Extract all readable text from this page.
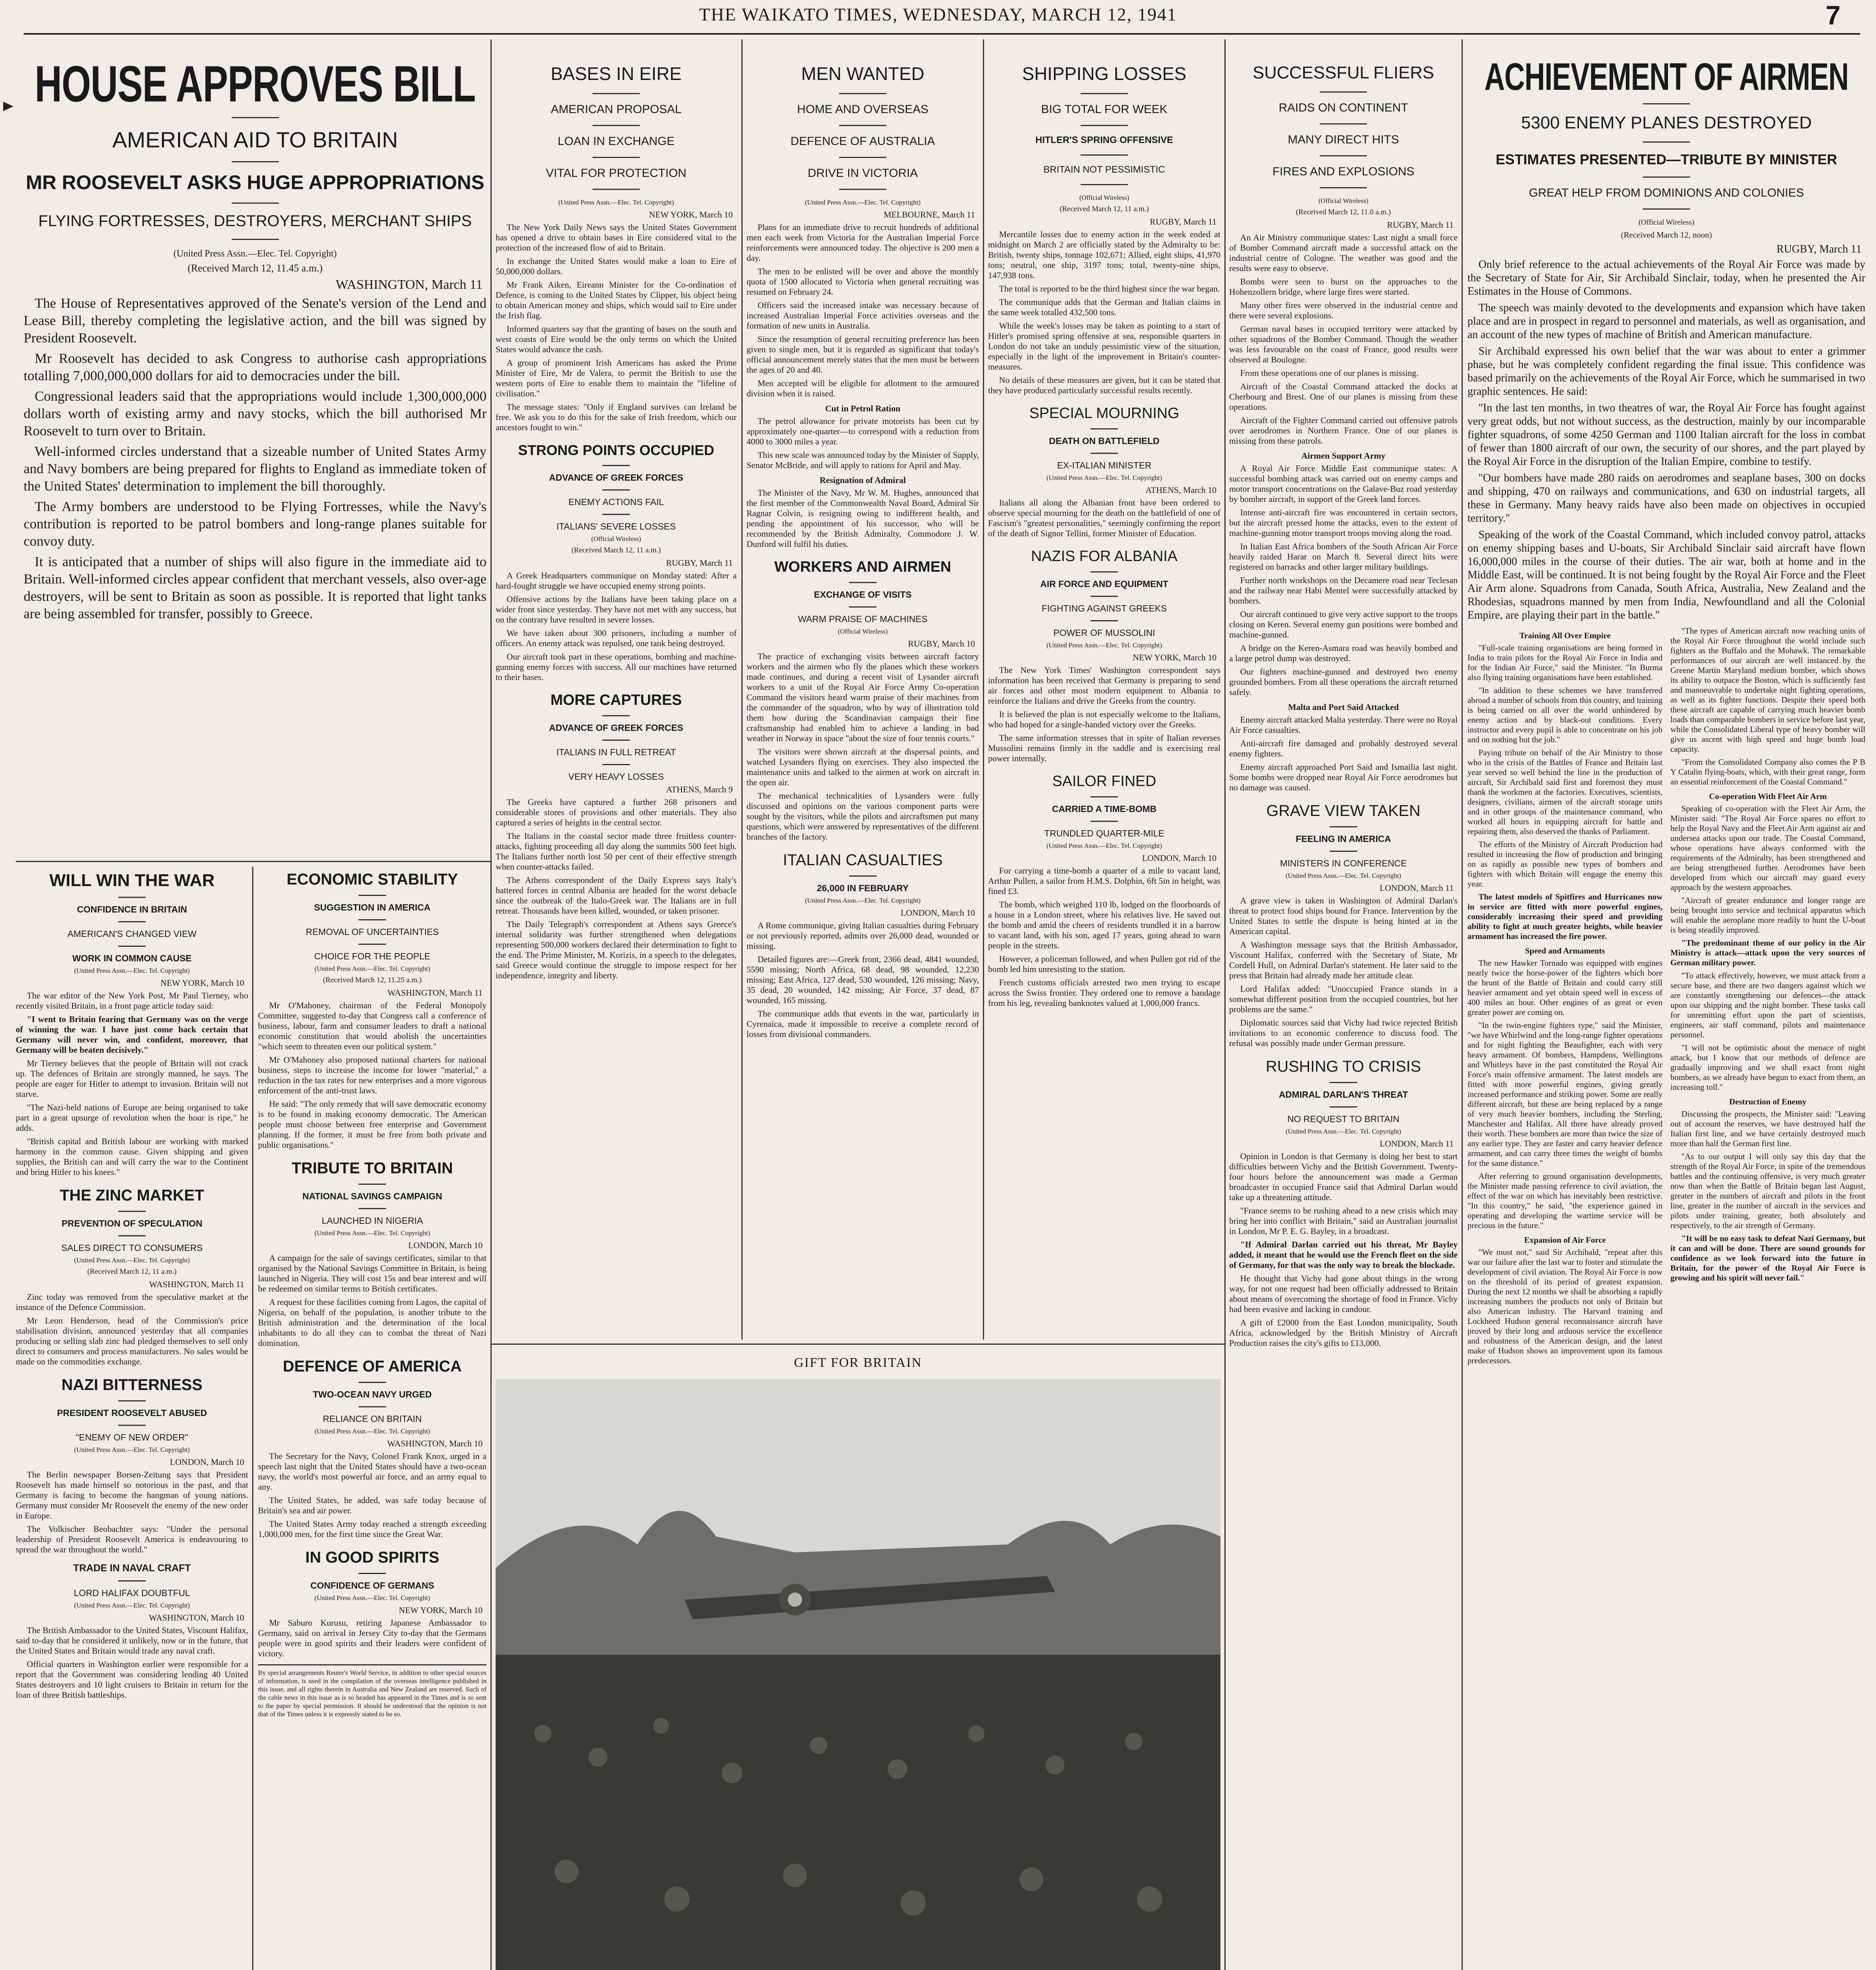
THE WAIKATO TIMES, WEDNESDAY, MARCH 12, 1941	7
HOUSE APPROVES BILL
AMERICAN AID TO BRITAIN
MR ROOSEVELT ASKS HUGE APPROPRIATIONS
FLYING FORTRESSES, DESTROYERS, MERCHANT SHIPS
(United Press Assn.—Elec. Tel. Copyright)
(Received March 12, 11.45 a.m.)
WASHINGTON, March 11

The House of Representatives approved of the Senate's version of the Lend and Lease Bill, thereby completing the legislative action, and the bill was signed by President Roosevelt.

Mr Roosevelt has decided to ask Congress to authorise cash appropriations totalling 7,000,000,000 dollars for aid to democracies under the bill.

Congressional leaders said that the appropriations would include 1,300,000,000 dollars worth of existing army and navy stocks, which the bill authorised Mr Roosevelt to turn over to Britain.

Well-informed circles understand that a sizeable number of United States Army and Navy bombers are being prepared for flights to England as immediate token of the United States' determination to implement the bill thoroughly.

The Army bombers are understood to be Flying Fortresses, while the Navy's contribution is reported to be patrol bombers and long-range planes suitable for convoy duty.

It is anticipated that a number of ships will also figure in the immediate aid to Britain. Well-informed circles appear confident that merchant vessels, also over-age destroyers, will be sent to Britain as soon as possible. It is reported that light tanks are being assembled for transfer, possibly to Greece.

WILL WIN THE WAR
CONFIDENCE IN BRITAIN
AMERICAN'S CHANGED VIEW
WORK IN COMMON CAUSE
(United Press Assn.—Elec. Tel. Copyright)
NEW YORK, March 10

The war editor of the New York Post, Mr Paul Tierney, who recently visited Britain, in a front page article today said:

"I went to Britain fearing that Germany was on the verge of winning the war. I have just come back certain that Germany will never win, and confident, moreover, that Germany will be beaten decisively."

Mr Tierney believes that the people of Britain will not crack up. The defences of Britain are strongly manned, he says. The people are eager for Hitler to attempt to invasion. Britain will not starve.

"The Nazi-held nations of Europe are being organised to take part in a great upsurge of revolution when the hour is ripe," he adds.

"British capital and British labour are working with marked harmony in the common cause. Given shipping and given supplies, the British can and will carry the war to the Continent and bring Hitler to his knees."

THE ZINC MARKET
PREVENTION OF SPECULATION
SALES DIRECT TO CONSUMERS
(United Press Assn.—Elec. Tel. Copyright)
(Received March 12, 11 a.m.)
WASHINGTON, March 11

Zinc today was removed from the speculative market at the instance of the Defence Commission.

Mr Leon Henderson, head of the Commission's price stabilisation division, announced yesterday that all companies producing or selling slab zinc had pledged themselves to sell only direct to consumers and process manufacturers. No sales would be made on the commodities exchange.

NAZI BITTERNESS
PRESIDENT ROOSEVELT ABUSED
"ENEMY OF NEW ORDER"
(United Press Assn.—Elec. Tel. Copyright)
LONDON, March 10

The Berlin newspaper Borsen-Zeitung says that President Roosevelt has made himself so notorious in the past, and that Germany is facing to become the hangman of young nations. Germany must consider Mr Roosevelt the enemy of the new order in Europe.

The Volkischer Beobachter says: "Under the personal leadership of President Roosevelt America is endeavouring to spread the war throughout the world."

TRADE IN NAVAL CRAFT
LORD HALIFAX DOUBTFUL
(United Press Assn.—Elec. Tel. Copyright)
WASHINGTON, March 10

The British Ambassador to the United States, Viscount Halifax, said to-day that he considered it unlikely, now or in the future, that the United States and Britain would trade any naval craft.

Official quarters in Washington earlier were responsible for a report that the Government was considering lending 40 United States destroyers and 10 light cruisers to Britain in return for the loan of three British battleships.

ECONOMIC STABILITY
SUGGESTION IN AMERICA
REMOVAL OF UNCERTAINTIES
CHOICE FOR THE PEOPLE
(United Press Assn.—Elec. Tel. Copyright)
(Received March 12, 11.25 a.m.)
WASHINGTON, March 11

Mr O'Mahoney, chairman of the Federal Monopoly Committee, suggested to-day that Congress call a conference of business, labour, farm and consumer leaders to draft a national economic constitution that would abolish the uncertainties "which seem to threaten even our political system."

Mr O'Mahoney also proposed national charters for national business, steps to increase the income for lower "material," a reduction in the tax rates for new enterprises and a more vigorous enforcement of the anti-trust laws.

He said: "The only remedy that will save democratic economy is to be found in making economy democratic. The American people must choose between free enterprise and Government planning. If the former, it must be free from both private and public organisations."

TRIBUTE TO BRITAIN
NATIONAL SAVINGS CAMPAIGN
LAUNCHED IN NIGERIA
(United Press Assn.—Elec. Tel. Copyright)
LONDON, March 10

A campaign for the sale of savings certificates, similar to that organised by the National Savings Committee in Britain, is being launched in Nigeria. They will cost 15s and bear interest and will be redeemed on similar terms to British certificates.

A request for these facilities coming from Lagos, the capital of Nigeria, on behalf of the population, is another tribute to the British administration and the determination of the local inhabitants to do all they can to combat the threat of Nazi domination.

DEFENCE OF AMERICA
TWO-OCEAN NAVY URGED
RELIANCE ON BRITAIN
(United Press Assn.—Elec. Tel. Copyright)
WASHINGTON, March 10

The Secretary for the Navy, Colonel Frank Knox, urged in a speech last night that the United States should have a two-ocean navy, the world's most powerful air force, and an army equal to any.

The United States, he added, was safe today because of Britain's sea and air power.

The United States Army today reached a strength exceeding 1,000,000 men, for the first time since the Great War.

IN GOOD SPIRITS
CONFIDENCE OF GERMANS
(United Press Assn.—Elec. Tel. Copyright)
NEW YORK, March 10

Mr Saburo Kurusu, retiring Japanese Ambassador to Germany, said on arrival in Jersey City to-day that the Germans people were in good spirits and their leaders were confident of victory.

By special arrangements Reuter's World Service, in addition to other special sources of information, is used in the compilation of the overseas intelligence published in this issue, and all rights therein in Australia and New Zealand are reserved. Such of the cable news in this issue as is so headed has appeared in the Times and is so sent to the paper by special permission. It should be understood that the opinion is not that of the Times unless it is expressly stated to be so.
BASES IN EIRE
AMERICAN PROPOSAL
LOAN IN EXCHANGE
VITAL FOR PROTECTION
(United Press Assn.—Elec. Tel. Copyright)
NEW YORK, March 10

The New York Daily News says the United States Government has opened a drive to obtain bases in Eire considered vital to the protection of the increased flow of aid to Britain.

In exchange the United States would make a loan to Eire of 50,000,000 dollars.

Mr Frank Aiken, Eireann Minister for the Co-ordination of Defence, is coming to the United States by Clipper, his object being to obtain American money and ships, which would sail to Eire under the Irish flag.

Informed quarters say that the granting of bases on the south and west coasts of Eire would be the only terms on which the United States would advance the cash.

A group of prominent Irish Americans has asked the Prime Minister of Eire, Mr de Valera, to permit the British to use the western ports of Eire to enable them to maintain the "lifeline of civilisation."

The message states: "Only if England survives can Ireland be free. We ask you to do this for the sake of Irish freedom, which our ancestors fought to win."

STRONG POINTS OCCUPIED
ADVANCE OF GREEK FORCES
ENEMY ACTIONS FAIL
ITALIANS' SEVERE LOSSES
(Official Wireless)
(Received March 12, 11 a.m.)
RUGBY, March 11

A Greek Headquarters communique on Monday stated: After a hard-fought struggle we have occupied enemy strong points.

Offensive actions by the Italians have been taking place on a wider front since yesterday. They have not met with any success, but on the contrary have resulted in severe losses.

We have taken about 300 prisoners, including a number of officers. An enemy attack was repulsed, one tank being destroyed.

Our aircraft took part in these operations, bombing and machine-gunning enemy forces with success. All our machines have returned to their bases.

MORE CAPTURES
ADVANCE OF GREEK FORCES
ITALIANS IN FULL RETREAT
VERY HEAVY LOSSES
ATHENS, March 9

The Greeks have captured a further 268 prisoners and considerable stores of provisions and other materials. They also captured a series of heights in the central sector.

The Italians in the coastal sector made three fruitless counter-attacks, fighting proceeding all day along the summits 500 feet high. The Italians further north lost 50 per cent of their effective strength when counter-attacks failed.

The Athens correspondent of the Daily Express says Italy's battered forces in central Albania are headed for the worst debacle since the outbreak of the Italo-Greek war. The Italians are in full retreat. Thousands have been killed, wounded, or taken prisoner.

The Daily Telegraph's correspondent at Athens says Greece's internal solidarity was further strengthened when delegations representing 500,000 workers declared their determination to fight to the end. The Prime Minister, M. Korizis, in a speech to the delegates, said Greece would continue the struggle to impose respect for her independence, integrity and liberty.

MEN WANTED
HOME AND OVERSEAS
DEFENCE OF AUSTRALIA
DRIVE IN VICTORIA
(United Press Assn.—Elec. Tel. Copyright)
MELBOURNE, March 11

Plans for an immediate drive to recruit hundreds of additional men each week from Victoria for the Australian Imperial Force reinforcements were announced today. The objective is 200 men a day.

The men to be enlisted will be over and above the monthly quota of 1500 allocated to Victoria when general recruiting was resumed on February 24.

Officers said the increased intake was necessary because of increased Australian Imperial Force activities overseas and the formation of new units in Australia.

Since the resumption of general recruiting preference has been given to single men, but it is regarded as significant that today's official announcement merely states that the men must be between the ages of 20 and 40.

Men accepted will be eligible for allotment to the armoured division when it is raised.

Cut in Petrol Ration

The petrol allowance for private motorists has been cut by approximately one-quarter—to correspond with a reduction from 4000 to 3000 miles a year.

This new scale was announced today by the Minister of Supply, Senator McBride, and will apply to rations for April and May.

Resignation of Admiral

The Minister of the Navy, Mr W. M. Hughes, announced that the first member of the Commonwealth Naval Board, Admiral Sir Ragnar Colvin, is resigning owing to indifferent health, and pending the appointment of his successor, who will be recommended by the British Admiralty, Commodore J. W. Dunford will fulfil his duties.

WORKERS AND AIRMEN
EXCHANGE OF VISITS
WARM PRAISE OF MACHINES
(Official Wireless)
RUGBY, March 10

The practice of exchanging visits between aircraft factory workers and the airmen who fly the planes which these workers made continues, and during a recent visit of Lysander aircraft workers to a unit of the Royal Air Force Army Co-operation Command the visitors heard warm praise of their machines from the commander of the squadron, who by way of illustration told them how during the Scandinavian campaign their fine craftsmanship had enabled him to achieve a landing in bad weather in Norway in space "about the size of four tennis courts."

The visitors were shown aircraft at the dispersal points, and watched Lysanders flying on exercises. They also inspected the maintenance units and talked to the airmen at work on aircraft in the open air.

The mechanical technicalities of Lysanders were fully discussed and opinions on the various component parts were sought by the visitors, while the pilots and aircraftsmen put many questions, which were answered by representatives of the different branches of the factory.

ITALIAN CASUALTIES
26,000 IN FEBRUARY
(United Press Assn.—Elec. Tel. Copyright)
LONDON, March 10

A Rome communique, giving Italian casualties during February or not previously reported, admits over 26,000 dead, wounded or missing.

Detailed figures are:—Greek front, 2366 dead, 4841 wounded, 5590 missing; North Africa, 68 dead, 98 wounded, 12,230 missing; East Africa, 127 dead, 530 wounded, 126 missing; Navy, 35 dead, 20 wounded, 142 missing; Air Force, 37 dead, 87 wounded, 165 missing.

The communique adds that events in the war, particularly in Cyrenaica, made it impossible to receive a complete record of losses from divisional commanders.

SHIPPING LOSSES
BIG TOTAL FOR WEEK
HITLER'S SPRING OFFENSIVE
BRITAIN NOT PESSIMISTIC
(Official Wireless)
(Received March 12, 11 a.m.)
RUGBY, March 11

Mercantile losses due to enemy action in the week ended at midnight on March 2 are officially stated by the Admiralty to be: British, twenty ships, tonnage 102,671; Allied, eight ships, 41,970 tons; neutral, one ship, 3197 tons; total, twenty-nine ships, 147,938 tons.

The total is reported to be the third highest since the war began.

The communique adds that the German and Italian claims in the same week totalled 432,500 tons.

While the week's losses may be taken as pointing to a start of Hitler's promised spring offensive at sea, responsible quarters in London do not take an unduly pessimistic view of the situation, especially in the light of the improvement in Britain's counter-measures.

No details of these measures are given, but it can be stated that they have produced particularly successful results recently.

SPECIAL MOURNING
DEATH ON BATTLEFIELD
EX-ITALIAN MINISTER
(United Press Assn.—Elec. Tel. Copyright)
ATHENS, March 10

Italians all along the Albanian front have been ordered to observe special mourning for the death on the battlefield of one of Fascism's "greatest personalities," seemingly confirming the report of the death of Signor Tellini, former Minister of Education.

NAZIS FOR ALBANIA
AIR FORCE AND EQUIPMENT
FIGHTING AGAINST GREEKS
POWER OF MUSSOLINI
(United Press Assn.—Elec. Tel. Copyright)
NEW YORK, March 10

The New York Times' Washington correspondent says information has been received that Germany is preparing to send air forces and other most modern equipment to Albania to reinforce the Italians and drive the Greeks from the country.

It is believed the plan is not especially welcome to the Italians, who had hoped for a single-handed victory over the Greeks.

The same information stresses that in spite of Italian reverses Mussolini remains firmly in the saddle and is exercising real power internally.

SAILOR FINED
CARRIED A TIME-BOMB
TRUNDLED QUARTER-MILE
(United Press Assn.—Elec. Tel. Copyright)
LONDON, March 10

For carrying a time-bomb a quarter of a mile to vacant land, Arthur Pullen, a sailor from H.M.S. Dolphin, 6ft 5in in height, was fined £3.

The bomb, which weighed 110 lb, lodged on the floorboards of a house in a London street, where his relatives live. He saved out the bomb and amid the cheers of residents trundled it in a barrow to vacant land, with his son, aged 17 years, going ahead to warn people in the streets.

However, a policeman followed, and when Pullen got rid of the bomb led him unresisting to the station.

French customs officials arrested two men trying to escape across the Swiss frontier. They ordered one to remove a bandage from his leg, revealing banknotes valued at 1,000,000 francs.

GIFT FOR BRITAIN
SUCCESSFUL FLIERS
RAIDS ON CONTINENT
MANY DIRECT HITS
FIRES AND EXPLOSIONS
(Official Wireless)
(Received March 12, 11.0 a.m.)
RUGBY, March 11

An Air Ministry communique states: Last night a small force of Bomber Command aircraft made a successful attack on the industrial centre of Cologne. The weather was good and the results were easy to observe.

Bombs were seen to burst on the approaches to the Hohenzollern bridge, where large fires were started.

Many other fires were observed in the industrial centre and there were several explosions.

German naval bases in occupied territory were attacked by other squadrons of the Bomber Command. Though the weather was less favourable on the coast of France, good results were observed at Boulogne.

From these operations one of our planes is missing.

Aircraft of the Coastal Command attacked the docks at Cherbourg and Brest. One of our planes is missing from these operations.

Aircraft of the Fighter Command carried out offensive patrols over aerodromes in Northern France. One of our planes is missing from these patrols.

Airmen Support Army

A Royal Air Force Middle East communique states: A successful bombing attack was carried out on enemy camps and motor transport concentrations on the Galave-Buz road yesterday by bomber aircraft, in support of the Greek land forces.

Intense anti-aircraft fire was encountered in certain sectors, but the aircraft pressed home the attacks, even to the extent of machine-gunning motor transport troops moving along the road.

In Italian East Africa bombers of the South African Air Force heavily raided Harar on March 8. Several direct hits were registered on barracks and other larger military buildings.

Further north workshops on the Decamere road near Teclesan and the railway near Habi Mentel were successfully attacked by bombers.

Our aircraft continued to give very active support to the troops closing on Keren. Several enemy gun positions were bombed and machine-gunned.

A bridge on the Keren-Asmara road was heavily bombed and a large petrol dump was destroyed.

Our fighters machine-gunned and destroyed two enemy grounded bombers. From all these operations the aircraft returned safely.

Malta and Port Said Attacked

Enemy aircraft attacked Malta yesterday. There were no Royal Air Force casualties.

Anti-aircraft fire damaged and probably destroyed several enemy fighters.

Enemy aircraft approached Port Said and Ismailia last night. Some bombs were dropped near Royal Air Force aerodromes but no damage was caused.

GRAVE VIEW TAKEN
FEELING IN AMERICA
MINISTERS IN CONFERENCE
(United Press Assn.—Elec. Tel. Copyright)
LONDON, March 11

A grave view is taken in Washington of Admiral Darlan's threat to protect food ships bound for France. Intervention by the United States to settle the dispute is being hinted at in the American capital.

A Washington message says that the British Ambassador, Viscount Halifax, conferred with the Secretary of State, Mr Cordell Hull, on Admiral Darlan's statement. He later said to the press that Britain had already made her attitude clear.

Lord Halifax added: "Unoccupied France stands in a somewhat different position from the occupied countries, but her problems are the same."

Diplomatic sources said that Vichy had twice rejected British invitations to an economic conference to discuss food. The refusal was possibly made under German pressure.

RUSHING TO CRISIS
ADMIRAL DARLAN'S THREAT
NO REQUEST TO BRITAIN
(United Press Assn.—Elec. Tel. Copyright)
LONDON, March 11

Opinion in London is that Germany is doing her best to start difficulties between Vichy and the British Government. Twenty-four hours before the announcement was made a German broadcaster in occupied France said that Admiral Darlan would take up a threatening attitude.

"France seems to be rushing ahead to a new crisis which may bring her into conflict with Britain," said an Australian journalist in London, Mr P. E. G. Bayley, in a broadcast.

"If Admiral Darlan carried out his threat, Mr Bayley added, it meant that he would use the French fleet on the side of Germany, for that was the only way to break the blockade.

He thought that Vichy had gone about things in the wrong way, for not one request had been officially addressed to Britain about means of overcoming the shortage of food in France. Vichy had been evasive and lacking in candour.

A gift of £2000 from the East London municipality, South Africa, acknowledged by the British Ministry of Aircraft Production raises the city's gifts to £13,000.

ACHIEVEMENT OF AIRMEN
5300 ENEMY PLANES DESTROYED
ESTIMATES PRESENTED—TRIBUTE BY MINISTER
GREAT HELP FROM DOMINIONS AND COLONIES
(Official Wireless)
(Received March 12, noon)
RUGBY, March 11

Only brief reference to the actual achievements of the Royal Air Force was made by the Secretary of State for Air, Sir Archibald Sinclair, today, when he presented the Air Estimates in the House of Commons.

The speech was mainly devoted to the developments and expansion which have taken place and are in prospect in regard to personnel and materials, as well as organisation, and an account of the new types of machine of British and American manufacture.

Sir Archibald expressed his own belief that the war was about to enter a grimmer phase, but he was completely confident regarding the final issue. This confidence was based primarily on the achievements of the Royal Air Force, which he summarised in two graphic sentences. He said:

"In the last ten months, in two theatres of war, the Royal Air Force has fought against very great odds, but not without success, as the destruction, mainly by our incomparable fighter squadrons, of some 4250 German and 1100 Italian aircraft for the loss in combat of fewer than 1800 aircraft of our own, the security of our shores, and the part played by the Royal Air Force in the disruption of the Italian Empire, combine to testify.

"Our bombers have made 280 raids on aerodromes and seaplane bases, 300 on docks and shipping, 470 on railways and communications, and 630 on industrial targets, all these in Germany. Many heavy raids have also been made on objectives in occupied territory."

Speaking of the work of the Coastal Command, which included convoy patrol, attacks on enemy shipping bases and U-boats, Sir Archibald Sinclair said aircraft have flown 16,000,000 miles in the course of their duties. The air war, both at home and in the Middle East, will be continued. It is not being fought by the Royal Air Force and the Fleet Air Arm alone. Squadrons from Canada, South Africa, Australia, New Zealand and the Rhodesias, squadrons manned by men from India, Newfoundland and all the Colonial Empire, are playing their part in the battle."

Training All Over Empire

"Full-scale training organisations are being formed in India to train pilots for the Royal Air Force in India and for the Indian Air Force," said the Minister. "In Burma also flying training organisations have been established.

"In addition to these schemes we have transferred abroad a number of schools from this country, and training is being carried on all over the world unhindered by enemy action and by black-out conditions. Every instructor and every pupil is able to concentrate on his job and on nothing but the job."

Paying tribute on behalf of the Air Ministry to those who in the crisis of the Battles of France and Britain last year served so well behind the line in the production of aircraft, Sir Archibald said first and foremost they must thank the workmen at the factories. Executives, scientists, designers, civilians, airmen of the aircraft storage units and in other groups of the maintenance command, who worked all hours in equipping aircraft for battle and repairing them, also deserved the thanks of Parliament.

The efforts of the Ministry of Aircraft Production had resulted in increasing the flow of production and bringing on as rapidly as possible new types of bombers and fighters with which Britain will engage the enemy this year.

The latest models of Spitfires and Hurricanes now in service are fitted with more powerful engines, considerably increasing their speed and providing ability to fight at much greater heights, while heavier armament has increased the fire power.

Speed and Armaments

The new Hawker Tornado was equipped with engines nearly twice the horse-power of the fighters which bore the brunt of the Battle of Britain and could carry still heavier armament and yet obtain speed well in excess of 400 miles an hour. Other engines of as great or even greater power are coming on.

"In the twin-engine fighters type," said the Minister, "we have Whirlwind and the long-range fighter operations and for night fighting the Beaufighter, each with very heavy armament. Of bombers, Hampdens, Wellingtons and Whitleys have in the past constituted the Royal Air Force's main offensive armament. The latest models are fitted with more powerful engines, giving greatly increased performance and striking power. Some are really different aircraft, but these are being replaced by a range of very much heavier bombers, including the Sterling, Manchester and Halifax. All three have already proved their worth. These bombers are more than twice the size of any earlier type. They are faster and carry heavier defence armament, and can carry three times the weight of bombs for the same distance."

After referring to ground organisation developments, the Minister made passing reference to civil aviation, the effect of the war on which has inevitably been restrictive. "In this country," he said, "the experience gained in operating and developing the wartime service will be precious in the future."

Expansion of Air Force

"We must not," said Sir Archibald, "repeat after this war our failure after the last war to foster and stimulate the development of civil aviation. The Royal Air Force is now on the threshold of its period of greatest expansion. During the next 12 months we shall be absorbing a rapidly increasing numbers the products not only of Britain but also American industry. The Harvard training and Lockheed Hudson general reconnaissance aircraft have proved by their long and arduous service the excellence and robustness of the American design, and the latest make of Hudson shows an improvement upon its famous predecessors.

"The types of American aircraft now reaching units of the Royal Air Force throughout the world include such fighters as the Buffalo and the Mohawk. The remarkable performances of our aircraft are well instanced by the Greene Martin Maryland medium bomber, which shows its ability to outpace the Boston, which is sufficiently fast and manoeuvrable to undertake night fighting operations, as well as its fighter functions. Despite their speed both these aircraft are capable of carrying much heavier bomb loads than comparable bombers in service before last year, while the Consolidated Liberal type of heavy bomber will give us ascent with high speed and huge bomb load capacity.

"From the Consolidated Company also comes the P B Y Catalin flying-boats, which, with their great range, form an essential reinforcement of the Coastal Command."

Co-operation With Fleet Air Arm

Speaking of co-operation with the Fleet Air Arm, the Minister said: "The Royal Air Force spares no effort to help the Royal Navy and the Fleet Air Arm against air and undersea attacks upon our trade. The Coastal Command, whose operations have always conformed with the requirements of the Admiralty, has been strengthened and are being strengthened further. Aerodromes have been developed from which our aircraft may guard every approach by the western approaches.

"Aircraft of greater endurance and longer range are being brought into service and technical apparatus which will enable the aeroplane more readily to hunt the U-boat is being steadily improved.

"The predominant theme of our policy in the Air Ministry is attack—attack upon the very sources of German military power.

"To attack effectively, however, we must attack from a secure base, and there are two dangers against which we are constantly strengthening our defences—the attack upon our shipping and the night bomber. These tasks call for unremitting effort upon the part of scientists, engineers, air staff command, pilots and maintenance personnel.

"I will not be optimistic about the menace of night attack, but I know that our methods of defence are gradually improving and we shall exact from night bombers, as we already have begun to exact from them, an increasing toll."

Destruction of Enemy

Discussing the prospects, the Minister said: "Leaving out of account the reserves, we have destroyed half the Italian first line, and we have certainly destroyed much more than half the German first line.

"As to our output I will only say this day that the strength of the Royal Air Force, in spite of the tremendous battles and the continuing offensive, is very much greater now than when the Battle of Britain began last August, greater in the numbers of aircraft and pilots in the front line, greater in the number of aircraft in the services and pilots under training, greater, both absolutely and respectively, to the air strength of Germany.

"It will be no easy task to defeat Nazi Germany, but it can and will be done. There are sound grounds for confidence as we look forward into the future in Britain, for the power of the Royal Air Force is growing and his spirit will never fail."
